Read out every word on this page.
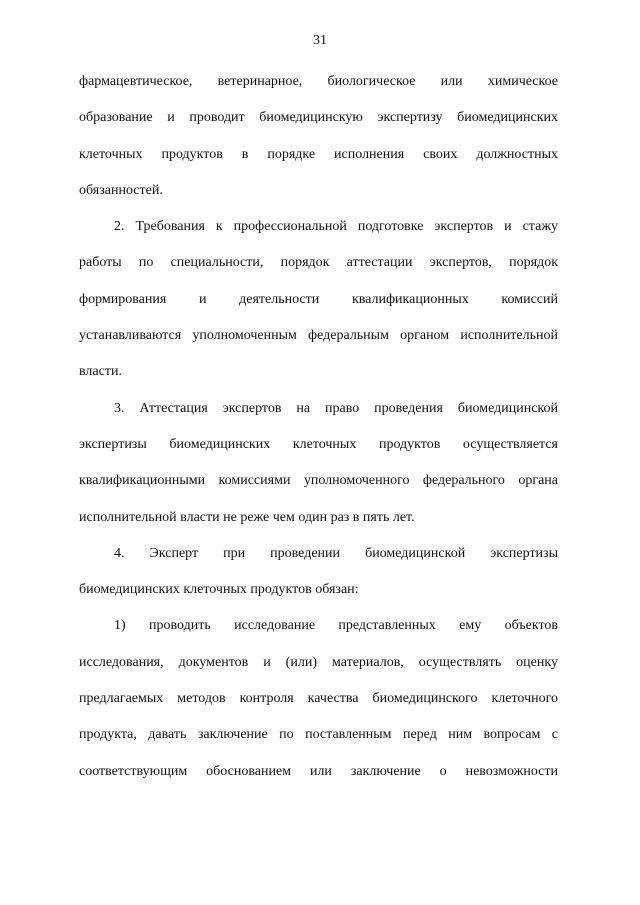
31

фармацевтическое, ветеринарное, биологическое или химическое
образование и проводит биомедицинскую экспертизу биомедицинских
клеточных продуктов в порядке исполнения своих должностных
обязанностей.

2. Требования к профессиональной подготовке экспертов и стажу
работы по специальности, порядок аттестации экспертов, порядок
формирования и деятельности квалификационных комиссий
устанавливаются уполномоченным федеральным органом исполнительной
власти.

3. Аттестация экспертов на право проведения биомедицинской
экспертизы биомедицинских клеточных продуктов осуществляется
квалификационными комиссиями уполномоченного федерального органа
исполнительной власти не реже чем один раз в пять лет.

4. Эксперт при проведении биомедицинской экспертизы
биомедицинских клеточных продуктов обязан:

1) проводить исследование представленных ему объектов
исследования, документов и (или) материалов, осуществлять оценку
предлагаемых методов контроля качества биомедицинского клеточного
продукта, давать заключение по поставленным перед ним вопросам с
соответствующим обоснованием или заключение о невозможности
